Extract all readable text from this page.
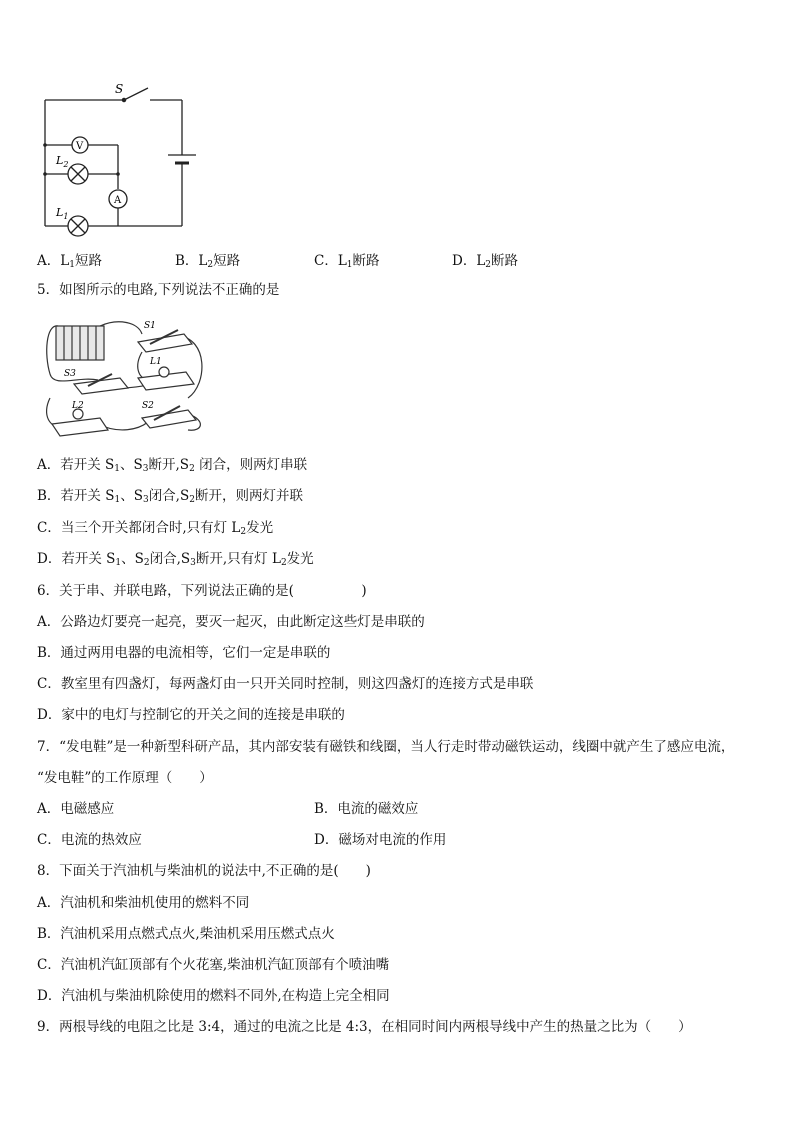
S
V
A
$L_2$
$L_1$
A．$L_1$短路	B．$L_2$短路	C．$L_1$断路	D．$L_2$断路
5．如图所示的电路,下列说法不正确的是
S1
L1
S3
L2	S2
A．若开关 $S_1$、$S_3$断开$,S_2$ 闭合，则两灯串联
B．若开关 $S_1$、$S_3$闭合$,S_2$断开，则两灯并联
C．当三个开关都闭合时,只有灯 $L_2$发光
D．若开关 $S_1$、$S_2$闭合$,S_3$断开,只有灯 $L_2$发光
6．关于串、并联电路，下列说法正确的是(　　　　　)
A．公路边灯要亮一起亮，要灭一起灭，由此断定这些灯是串联的
B．通过两用电器的电流相等，它们一定是串联的
C．教室里有四盏灯，每两盏灯由一只开关同时控制，则这四盏灯的连接方式是串联
D．家中的电灯与控制它的开关之间的连接是串联的
7．“发电鞋”是一种新型科研产品，其内部安装有磁铁和线圈，当人行走时带动磁铁运动，线圈中就产生了感应电流，
“发电鞋”的工作原理（　　）
A．电磁感应	B．电流的磁效应
C．电流的热效应	D．磁场对电流的作用
8．下面关于汽油机与柴油机的说法中,不正确的是(　　)
A．汽油机和柴油机使用的燃料不同
B．汽油机采用点燃式点火,柴油机采用压燃式点火
C．汽油机汽缸顶部有个火花塞,柴油机汽缸顶部有个喷油嘴
D．汽油机与柴油机除使用的燃料不同外,在构造上完全相同
9．两根导线的电阻之比是 3:4，通过的电流之比是 4:3，在相同时间内两根导线中产生的热量之比为（　　）
